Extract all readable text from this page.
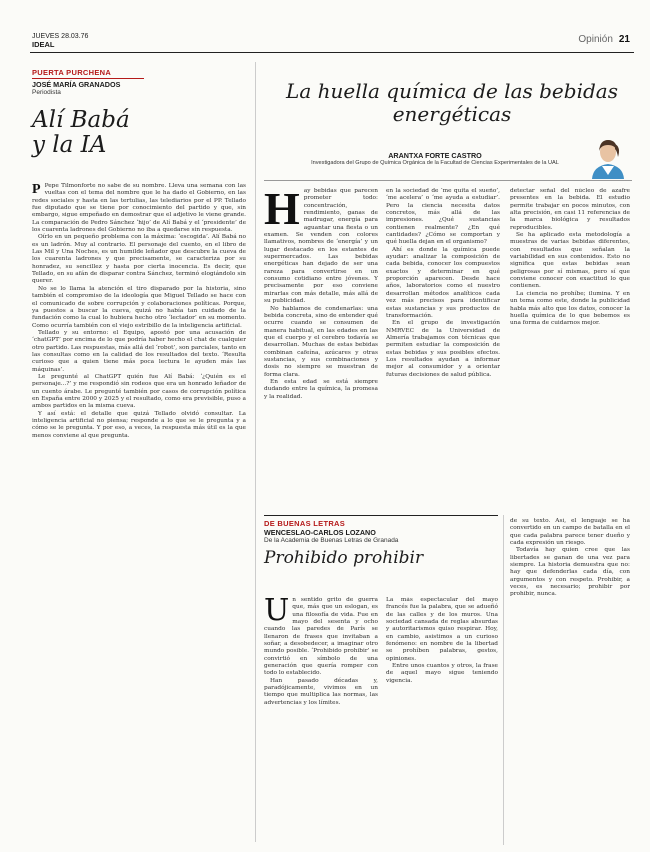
JUEVES 28.03.76
IDEAL	Opinión 21
PUERTA PURCHENA
JOSÉ MARÍA GRANADOS
Periodista
Alí Babá
y la IA
P Pepe Tilmonforte no sabe de su nombre. Lleva una semana con las vueltas con el tema del nombre que le ha dado el Gobierno, en las redes sociales y hasta en las tertulias, las telediarios por el PP. Tellado fue diputado que se tiene por conocimiento del partido y que, sin embargo, sigue empeñado en demostrar que el adjetivo le viene grande. La comparación de Pedro Sánchez ‘hijo’ de Alí Babá y el ‘presidente’ de los cuarenta ladrones del Gobierno no iba a quedarse sin respuesta.

Oírlo en un pequeño problema con la máxima: ‘escogida’. Alí Babá no es un ladrón. Muy al contrario. El personaje del cuento, en el libro de Las Mil y Una Noches, es un humilde leñador que descubre la cueva de los cuarenta ladrones y que precisamente, se caracteriza por su honradez, su sencillez y hasta por cierta inocencia. Es decir, que Tellado, en su afán de disparar contra Sánchez, terminó elogiándolo sin querer.

No se lo llama la atención el tiro disparado por la historia, sino también el compromiso de la ideología que Miguel Tellado se hace con el comunicado de sobre corrupción y colaboraciones políticas. Porque, ya puestos a buscar la cueva, quizá no había tan cuidado de la fundación como la cual lo hubiera hecho otro ‘lectador’ en su momento. Como ocurría también con el viejo estribillo de la inteligencia artificial.

Tellado y su entorno: el Equipo, apostó por una acusación de ‘chatGPT’ por encima de lo que podría haber hecho el chat de cualquier otro partido. Las respuestas, más allá del ‘robot’, son parciales, tanto en las consultas como en la calidad de los resultados del texto. ‘Resulta curioso que a quien tiene más poca lectura le ayuden más las máquinas’.

Le pregunté al ChatGPT quién fue Alí Babá: ‘¿Quién es el personaje...?’ y me respondió sin rodeos que era un honrado leñador de un cuento árabe. Le pregunté también por casos de corrupción política en España entre 2000 y 2025 y el resultado, como era previsible, puso a ambos partidos en la misma cueva.

Y así está: el detalle que quizá Tellado olvidó consultar. La inteligencia artificial no piensa; responde a lo que se le pregunta y a cómo se le pregunta. Y por eso, a veces, la respuesta más útil es la que menos conviene al que pregunta.

La huella química de las bebidas
energéticas
ARANTXA FORTE CASTRO
Investigadora del Grupo de Química Orgánica de la Facultad de Ciencias Experimentales de la UAL
H ay bebidas que parecen prometer todo: concentración, rendimiento, ganas de madrugar, energía para aguantar una fiesta o un examen. Se venden con colores llamativos, nombres de ‘energía’ y un lugar destacado en los estantes de supermercados. Las bebidas energéticas han dejado de ser una rareza para convertirse en un consumo cotidiano entre jóvenes. Y precisamente por eso conviene mirarlas con más detalle, más allá de su publicidad.

No hablamos de condenarlas: una bebida concreta, sino de entender qué ocurre cuando se consumen de manera habitual, en las edades en las que el cuerpo y el cerebro todavía se desarrollan. Muchas de estas bebidas combinan cafeína, azúcares y otras sustancias, y sus combinaciones y dosis no siempre se muestran de forma clara.

En esta edad se está siempre dudando entre la química, la promesa y la realidad.

en la sociedad de ‘me quita el sueño’, ‘me acelera’ o ‘me ayuda a estudiar’. Pero la ciencia necesita datos concretos, más allá de las impresiones. ¿Qué sustancias contienen realmente? ¿En qué cantidades? ¿Cómo se comportan y qué huella dejan en el organismo?

Ahí es donde la química puede ayudar: analizar la composición de cada bebida, conocer los compuestos exactos y determinar en qué proporción aparecen. Desde hace años, laboratorios como el nuestro desarrollan métodos analíticos cada vez más precisos para identificar estas sustancias y sus productos de transformación.

En el grupo de investigación NMRVEC de la Universidad de Almería trabajamos con técnicas que permiten estudiar la composición de estas bebidas y sus posibles efectos. Los resultados ayudan a informar mejor al consumidor y a orientar futuras decisiones de salud pública.

detectar señal del núcleo de azafre presentes en la bebida. El estudio permite trabajar en pocos minutos, con alta precisión, en casi 11 referencias de la marca biológica y resultados reproducibles.

Se ha aplicado esta metodología a muestras de varias bebidas diferentes, con resultados que señalan la variabilidad en sus contenidos. Esto no significa que estas bebidas sean peligrosas por sí mismas, pero sí que conviene conocer con exactitud lo que contienen.

La ciencia no prohíbe; ilumina. Y en un tema como este, donde la publicidad habla más alto que los datos, conocer la huella química de lo que bebemos es una forma de cuidarnos mejor.

DE BUENAS LETRAS
WENCESLAO-CARLOS LOZANO
De la Academia de Buenas Letras de Granada
Prohibido prohibir
U n sentido grito de guerra que, más que un eslogan, es una filosofía de vida. Fue en mayo del sesenta y ocho cuando las paredes de París se llenaron de frases que invitaban a soñar, a desobedecer, a imaginar otro mundo posible. ‘Prohibido prohibir’ se convirtió en símbolo de una generación que quería romper con todo lo establecido.

Han pasado décadas y, paradójicamente, vivimos en un tiempo que multiplica las normas, las advertencias y los límites.

La más espectacular del mayo francés fue la palabra, que se adueñó de las calles y de los muros. Una sociedad cansada de reglas absurdas y autoritarismos quiso respirar. Hoy, en cambio, asistimos a un curioso fenómeno: en nombre de la libertad se prohíben palabras, gestos, opiniones.

Entre unos cuantos y otros, la frase de aquel mayo sigue teniendo vigencia.

de su texto. Así, el lenguaje se ha convertido en un campo de batalla en el que cada palabra parece tener dueño y cada expresión un riesgo.

Todavía hay quien cree que las libertades se ganan de una vez para siempre. La historia demuestra que no: hay que defenderlas cada día, con argumentos y con respeto. Prohibir, a veces, es necesario; prohibir por prohibir, nunca.
